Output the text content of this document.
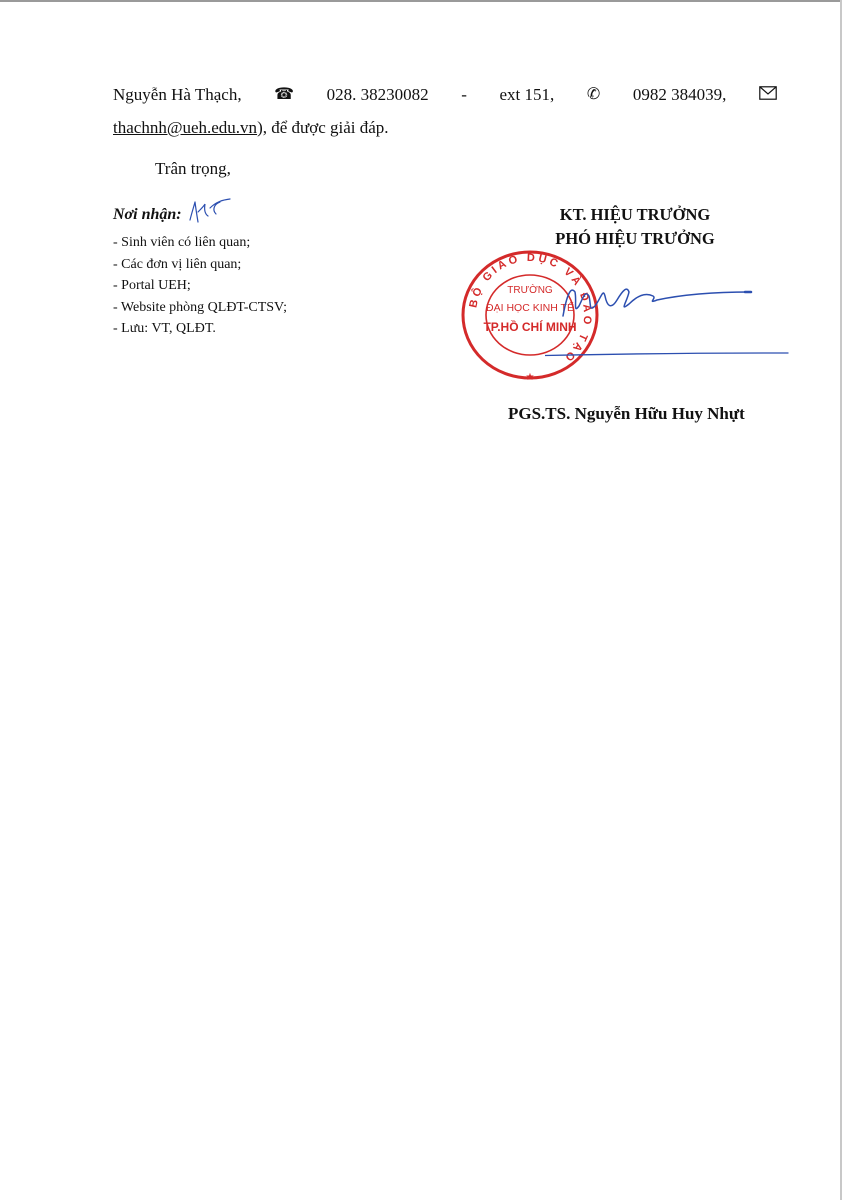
Nguyễn Hà Thạch, ☎ 028. 38230082 - ext 151, ✆ 0982 384039,
thachnh@ueh.edu.vn), để được giải đáp.
Trân trọng,
Nơi nhận:
- Sinh viên có liên quan;
- Các đơn vị liên quan;
- Portal UEH;
- Website phòng QLĐT-CTSV;
- Lưu: VT, QLĐT.
KT. HIỆU TRƯỞNG
PHÓ HIỆU TRƯỞNG
BỘ GIÁO DỤC VÀ ĐÀO TẠO
TRƯỜNG
ĐẠI HỌC KINH TẾ
TP.HỒ CHÍ MINH
★
PGS.TS. Nguyễn Hữu Huy Nhựt
